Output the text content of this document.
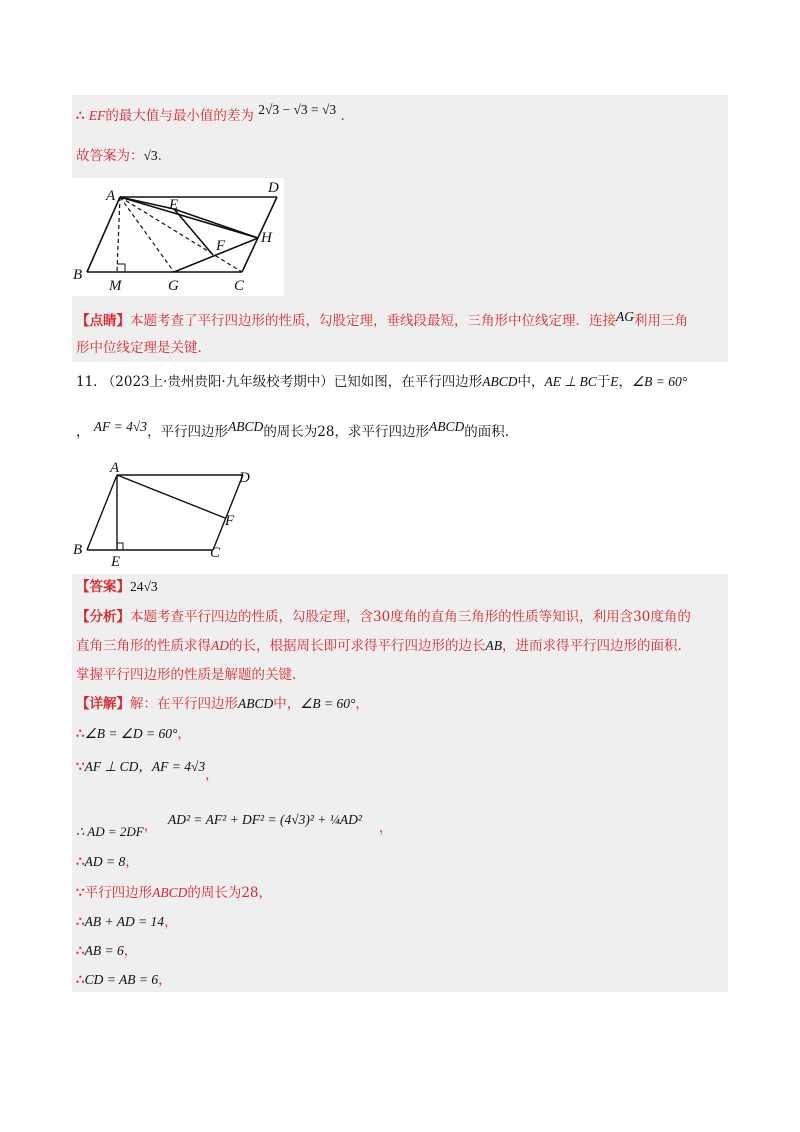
∴ EF的最大值与最小值的差为 2√3 − √3 = √3 .
故答案为：√3.
A	D
E
H
F
B
M	G	C
【点睛】本题考查了平行四边形的性质，勾股定理，垂线段最短，三角形中位线定理．连接AG利用三角
形中位线定理是关键.
11. （2023上·贵州贵阳·九年级校考期中）已知如图，在平行四边形ABCD中，AE ⊥ BC于E，∠B = 60°
， AF = 4√3，平行四边形ABCD的周长为28，求平行四边形ABCD的面积.
A
D
F
B
E
C
【答案】24√3
【分析】本题考查平行四边的性质，勾股定理，含30度角的直角三角形的性质等知识，利用含30度角的
直角三角形的性质求得AD的长，根据周长即可求得平行四边形的边长AB，进而求得平行四边形的面积.
掌握平行四边形的性质是解题的关键.
【详解】解：在平行四边形ABCD中，∠B = 60°，
∴∠B = ∠D = 60°，
∵AF ⊥ CD，AF = 4√3，
∴ AD = 2DF， AD² = AF² + DF² = (4√3)² + ¼AD²
，
∴AD = 8，
∵平行四边形ABCD的周长为28，
∴AB + AD = 14，
∴AB = 6，
∴CD = AB = 6，
